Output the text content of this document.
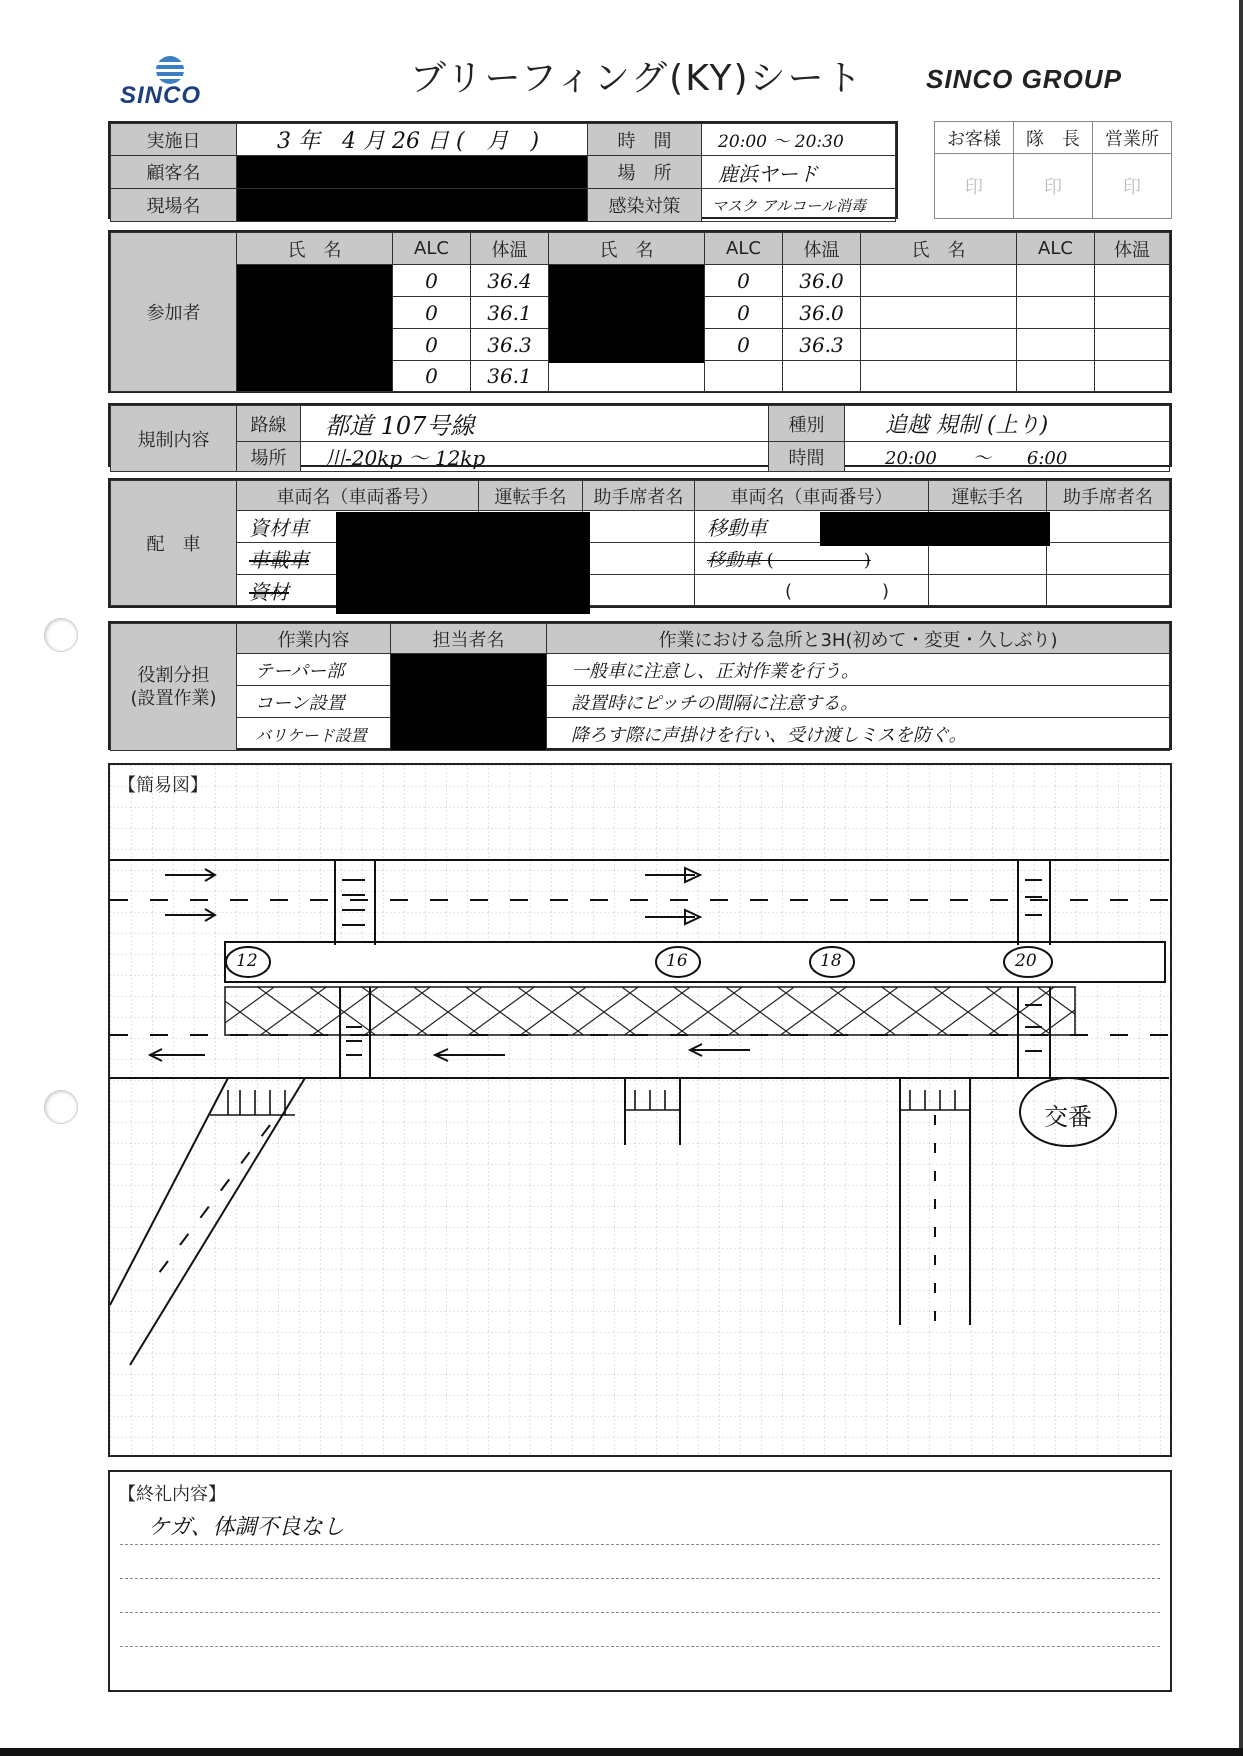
SINCO	ブリーフィング(KY)シート SINCO GROUP
実施日	3 年　4 月 26 日 (　月　)	時　間	20:00 〜 20:30
顧客名		場　所	鹿浜ヤード
現場名		感染対策	マスク アルコール消毒
お客様	隊　長	営業所
印	印	印
参加者	氏　名	ALC	体温	氏　名	ALC	体温	氏　名	ALC	体温

		0	36.4		0	36.0			
		0	36.1		0	36.0			
		0	36.3		0	36.3			
		0	36.1						
規制内容	路線	都道 107号線	種別	追越 規制 (上り)
	場所	川-20kp 〜 12kp	時間	20:00　　〜　　6:00
配　車	車両名（車両番号）	運転手名	助手席者名	車両名（車両番号）	運転手名	助手席者名
	資材車			移動車		
	車載車			移動車 (　　　　　)		
	資材			(　　　　　)		
役割分担
(設置作業)	作業内容	担当者名	作業における急所と3H(初めて・変更・久しぶり)
	テーパー部		一般車に注意し、正対作業を行う。
	コーン設置		設置時にピッチの間隔に注意する。
	バリケード設置		降ろす際に声掛けを行い、受け渡しミスを防ぐ。
【簡易図】
12	16	18	20
交番
【終礼内容】
ケガ、体調不良なし
